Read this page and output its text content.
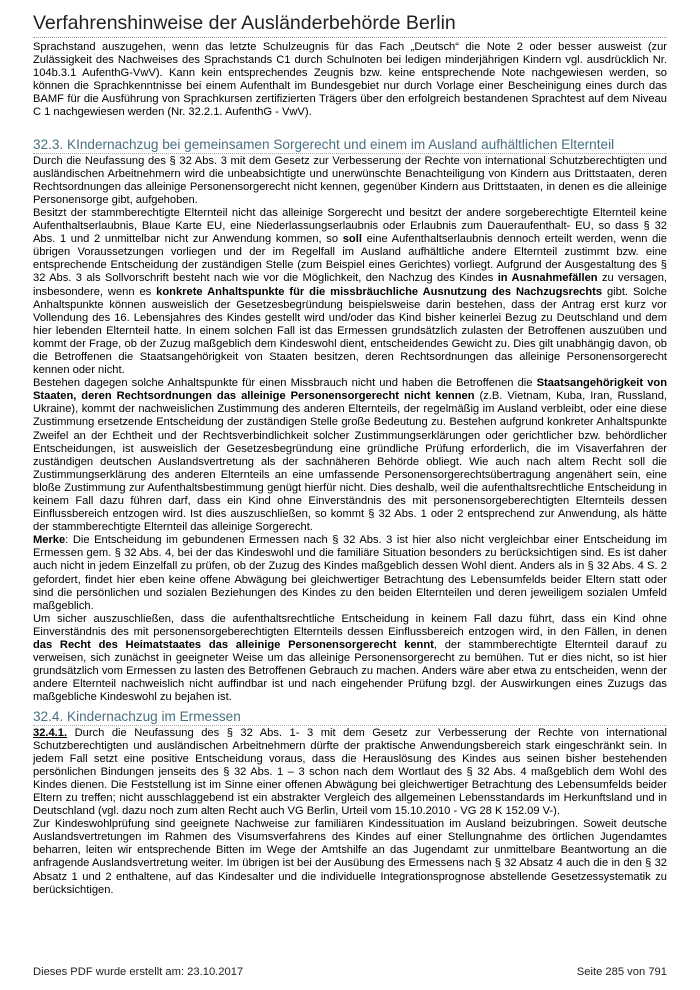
Verfahrenshinweise der Ausländerbehörde Berlin

Sprachstand auszugehen, wenn das letzte Schulzeugnis für das Fach „Deutsch“ die Note 2 oder besser ausweist (zur Zulässigkeit des Nachweises des Sprachstands C1 durch Schulnoten bei ledigen minderjährigen Kindern vgl. ausdrücklich Nr. 104b.3.1 AufenthG-VwV). Kann kein entsprechendes Zeugnis bzw. keine entsprechende Note nachgewiesen werden, so können die Sprachkenntnisse bei einem Aufenthalt im Bundesgebiet nur durch Vorlage einer Bescheinigung eines durch das BAMF für die Ausführung von Sprachkursen zertifizierten Trägers über den erfolgreich bestandenen Sprachtest auf dem Niveau C 1 nachgewiesen werden (Nr. 32.2.1. AufenthG - VwV).

32.3. KIndernachzug bei gemeinsamen Sorgerecht und einem im Ausland aufhältlichen Elternteil

Durch die Neufassung des § 32 Abs. 3 mit dem Gesetz zur Verbesserung der Rechte von international Schutzberechtigten und ausländischen Arbeitnehmern wird die unbeabsichtigte und unerwünschte Benachteiligung von Kindern aus Drittstaaten, deren Rechtsordnungen das alleinige Personensorgerecht nicht kennen, gegenüber Kindern aus Drittstaaten, in denen es die alleinige Personensorge gibt, aufgehoben.

Besitzt der stammberechtigte Elternteil nicht das alleinige Sorgerecht und besitzt der andere sorgeberechtigte Elternteil keine Aufenthaltserlaubnis, Blaue Karte EU, eine Niederlassungserlaubnis oder Erlaubnis zum Daueraufenthalt- EU, so dass § 32 Abs. 1 und 2 unmittelbar nicht zur Anwendung kommen, so soll eine Aufenthaltserlaubnis dennoch erteilt werden, wenn die übrigen Voraussetzungen vorliegen und der im Regelfall im Ausland aufhältliche andere Elternteil zustimmt bzw. eine entsprechende Entscheidung der zuständigen Stelle (zum Beispiel eines Gerichtes) vorliegt. Aufgrund der Ausgestaltung des § 32 Abs. 3 als Sollvorschrift besteht nach wie vor die Möglichkeit, den Nachzug des Kindes in Ausnahmefällen zu versagen, insbesondere, wenn es konkrete Anhaltspunkte für die missbräuchliche Ausnutzung des Nachzugsrechts gibt. Solche Anhaltspunkte können ausweislich der Gesetzesbegründung beispielsweise darin bestehen, dass der Antrag erst kurz vor Vollendung des 16. Lebensjahres des Kindes gestellt wird und/oder das Kind bisher keinerlei Bezug zu Deutschland und dem hier lebenden Elternteil hatte. In einem solchen Fall ist das Ermessen grundsätzlich zulasten der Betroffenen auszuüben und kommt der Frage, ob der Zuzug maßgeblich dem Kindeswohl dient, entscheidendes Gewicht zu. Dies gilt unabhängig davon, ob die Betroffenen die Staatsangehörigkeit von Staaten besitzen, deren Rechtsordnungen das alleinige Personensorgerecht kennen oder nicht.

Bestehen dagegen solche Anhaltspunkte für einen Missbrauch nicht und haben die Betroffenen die Staatsangehörigkeit von Staaten, deren Rechtsordnungen das alleinige Personensorgerecht nicht kennen (z.B. Vietnam, Kuba, Iran, Russland, Ukraine), kommt der nachweislichen Zustimmung des anderen Elternteils, der regelmäßig im Ausland verbleibt, oder eine diese Zustimmung ersetzende Entscheidung der zuständigen Stelle große Bedeutung zu. Bestehen aufgrund konkreter Anhaltspunkte Zweifel an der Echtheit und der Rechtsverbindlichkeit solcher Zustimmungserklärungen oder gerichtlicher bzw. behördlicher Entscheidungen, ist ausweislich der Gesetzesbegründung eine gründliche Prüfung erforderlich, die im Visaverfahren der zuständigen deutschen Auslandsvertretung als der sachnäheren Behörde obliegt. Wie auch nach altem Recht soll die Zustimmungserklärung des anderen Elternteils an eine umfassende Personensorgerechtsübertragung angenähert sein, eine bloße Zustimmung zur Aufenthaltsbestimmung genügt hierfür nicht. Dies deshalb, weil die aufenthaltsrechtliche Entscheidung in keinem Fall dazu führen darf, dass ein Kind ohne Einverständnis des mit personensorgeberechtigten Elternteils dessen Einflussbereich entzogen wird. Ist dies auszuschließen, so kommt § 32 Abs. 1 oder 2 entsprechend zur Anwendung, als hätte der stammberechtigte Elternteil das alleinige Sorgerecht.

Merke: Die Entscheidung im gebundenen Ermessen nach § 32 Abs. 3 ist hier also nicht vergleichbar einer Entscheidung im Ermessen gem. § 32 Abs. 4, bei der das Kindeswohl und die familiäre Situation besonders zu berücksichtigen sind. Es ist daher auch nicht in jedem Einzelfall zu prüfen, ob der Zuzug des Kindes maßgeblich dessen Wohl dient. Anders als in § 32 Abs. 4 S. 2 gefordert, findet hier eben keine offene Abwägung bei gleichwertiger Betrachtung des Lebensumfelds beider Eltern statt oder sind die persönlichen und sozialen Beziehungen des Kindes zu den beiden Elternteilen und deren jeweiligem sozialen Umfeld maßgeblich.

Um sicher auszuschließen, dass die aufenthaltsrechtliche Entscheidung in keinem Fall dazu führt, dass ein Kind ohne Einverständnis des mit personensorgeberechtigten Elternteils dessen Einflussbereich entzogen wird, in den Fällen, in denen das Recht des Heimatstaates das alleinige Personensorgerecht kennt, der stammberechtigte Elternteil darauf zu verweisen, sich zunächst in geeigneter Weise um das alleinige Personensorgerecht zu bemühen. Tut er dies nicht, so ist hier grundsätzlich vom Ermessen zu lasten des Betroffenen Gebrauch zu machen. Anders wäre aber etwa zu entscheiden, wenn der andere Elternteil nachweislich nicht auffindbar ist und nach eingehender Prüfung bzgl. der Auswirkungen eines Zuzugs das maßgebliche Kindeswohl zu bejahen ist.

32.4. Kindernachzug im Ermessen

32.4.1. Durch die Neufassung des § 32 Abs. 1- 3 mit dem Gesetz zur Verbesserung der Rechte von international Schutzberechtigten und ausländischen Arbeitnehmern dürfte der praktische Anwendungsbereich stark eingeschränkt sein. In jedem Fall setzt eine positive Entscheidung voraus, dass die Herauslösung des Kindes aus seinen bisher bestehenden persönlichen Bindungen jenseits des § 32 Abs. 1 – 3 schon nach dem Wortlaut des § 32 Abs. 4 maßgeblich dem Wohl des Kindes dienen. Die Feststellung ist im Sinne einer offenen Abwägung bei gleichwertiger Betrachtung des Lebensumfelds beider Eltern zu treffen; nicht ausschlaggebend ist ein abstrakter Vergleich des allgemeinen Lebensstandards im Herkunftsland und in Deutschland (vgl. dazu noch zum alten Recht auch VG Berlin, Urteil vom 15.10.2010 - VG 28 K 152.09 V-).

Zur Kindeswohlprüfung sind geeignete Nachweise zur familiären Kindessituation im Ausland beizubringen. Soweit deutsche Auslandsvertretungen im Rahmen des Visumsverfahrens des Kindes auf einer Stellungnahme des örtlichen Jugendamtes beharren, leiten wir entsprechende Bitten im Wege der Amtshilfe an das Jugendamt zur unmittelbare Beantwortung an die anfragende Auslandsvertretung weiter. Im übrigen ist bei der Ausübung des Ermessens nach § 32 Absatz 4 auch die in den § 32 Absatz 1 und 2 enthaltene, auf das Kindesalter und die individuelle Integrationsprognose abstellende Gesetzessystematik zu berücksichtigen.

Dieses PDF wurde erstellt am: 23.10.2017	Seite 285 von 791
